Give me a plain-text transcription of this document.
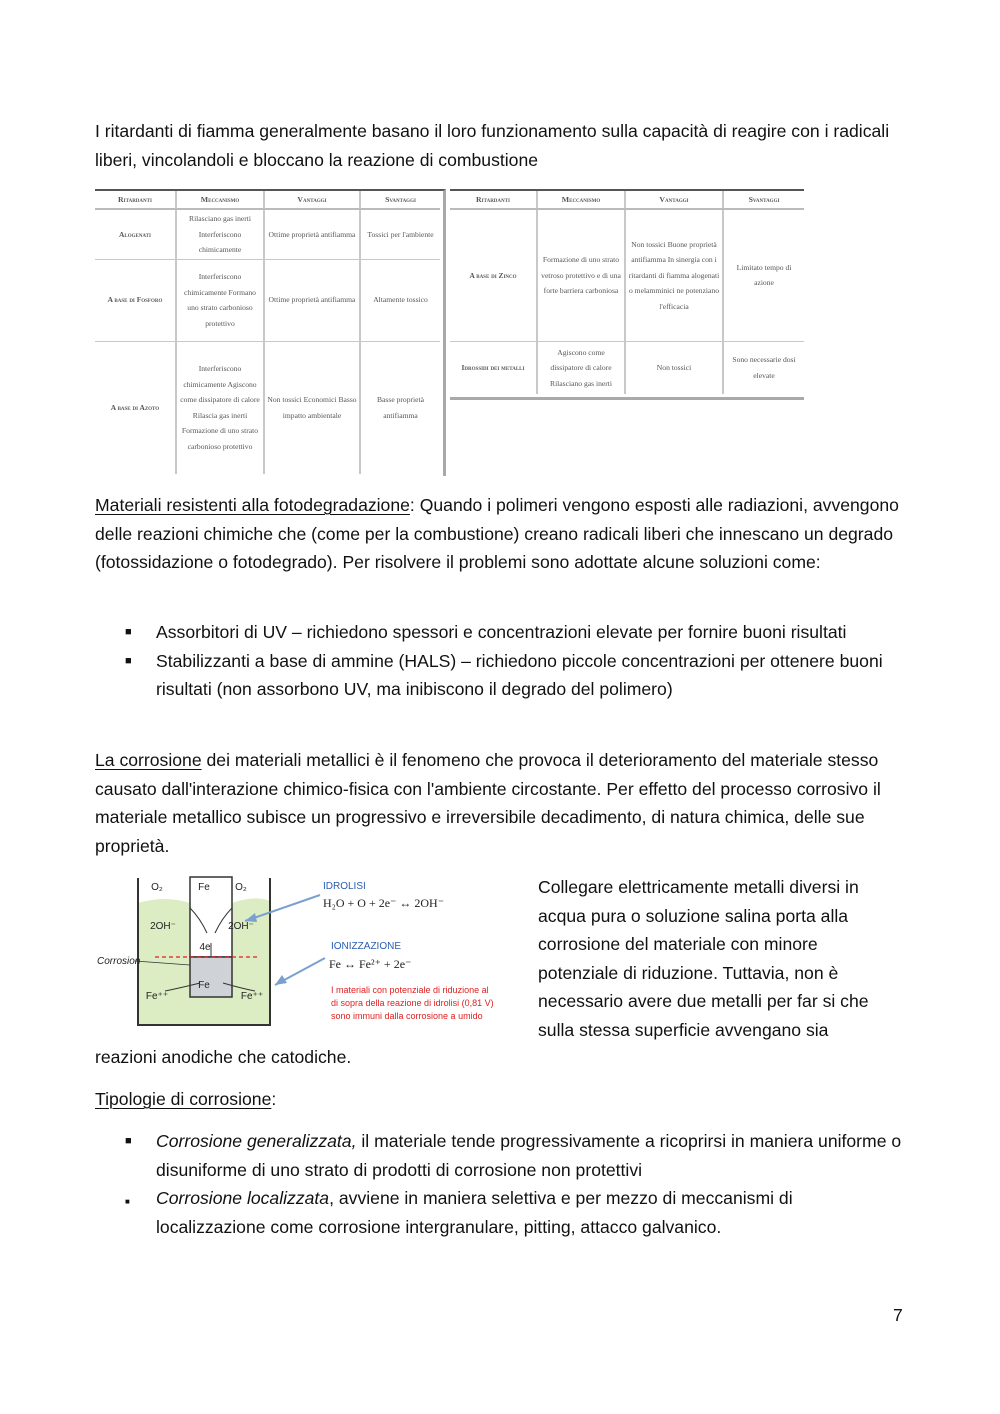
I ritardanti di fiamma generalmente basano il loro funzionamento sulla capacità di reagire con i radicali liberi, vincolandoli e bloccano la reazione di combustione

Ritardanti	Meccanismo	Vantaggi	Svantaggi
Alogenati	Rilasciano gas inerti Interferiscono chimicamente	Ottime proprietà antifiamma	Tossici per l'ambiente
A base di Fosforo	Interferiscono chimicamente Formano uno strato carbonioso protettivo	Ottime proprietà antifiamma	Altamente tossico
A base di Azoto	Interferiscono chimicamente Agiscono come dissipatore di calore Rilascia gas inerti Formazione di uno strato carbonioso protettivo	Non tossici Economici Basso impatto ambientale	Basse proprietà antifiamma
Ritardanti	Meccanismo	Vantaggi	Svantaggi
A base di Zinco	Formazione di uno strato vetroso protettivo e di una forte barriera carboniosa	Non tossici Buone proprietà antifiamma In sinergia con i ritardanti di fiamma alogenati o melamminici ne potenziano l'efficacia	Limitato tempo di azione
Idrossidi dei metalli	Agiscono come dissipatore di calore Rilasciano gas inerti	Non tossici	Sono necessarie dosi elevate

Materiali resistenti alla fotodegradazione: Quando i polimeri vengono esposti alle radiazioni, avvengono delle reazioni chimiche che (come per la combustione) creano radicali liberi che innescano un degrado (fotossidazione o fotodegrado). Per risolvere il problemi sono adottate alcune soluzioni come:

■ Assorbitori di UV – richiedono spessori e concentrazioni elevate per fornire buoni risultati
■ Stabilizzanti a base di ammine (HALS) – richiedono piccole concentrazioni per ottenere buoni risultati (non assorbono UV, ma inibiscono il degrado del polimero)

La corrosione dei materiali metallici è il fenomeno che provoca il deterioramento del materiale stesso causato dall'interazione chimico-fisica con l'ambiente circostante. Per effetto del processo corrosivo il materiale metallico subisce un progressivo e irreversibile decadimento, di natura chimica, delle sue proprietà.

O₂	Fe	O₂
2OH⁻	2OH⁻
4e
Corrosion
Fe
Fe⁺⁺	Fe⁺⁺
IDROLISI
H₂O + O + 2e⁻ ↔ 2OH⁻
IONIZZAZIONE
Fe ↔ Fe²⁺ + 2e⁻
I materiali con potenziale di riduzione al
di sopra della reazione di idrolisi (0,81 V)
sono immuni dalla corrosione a umido
Collegare elettricamente metalli diversi in
acqua pura o soluzione salina porta alla
corrosione del materiale con minore
potenziale di riduzione. Tuttavia, non è
necessario avere due metalli per far si che
sulla stessa superficie avvengano sia

reazioni anodiche che catodiche.

Tipologie di corrosione:

■ Corrosione generalizzata, il materiale tende progressivamente a ricoprirsi in maniera uniforme o disuniforme di uno strato di prodotti di corrosione non protettivi
■ Corrosione localizzata, avviene in maniera selettiva e per mezzo di meccanismi di localizzazione come corrosione intergranulare, pitting, attacco galvanico.
7
